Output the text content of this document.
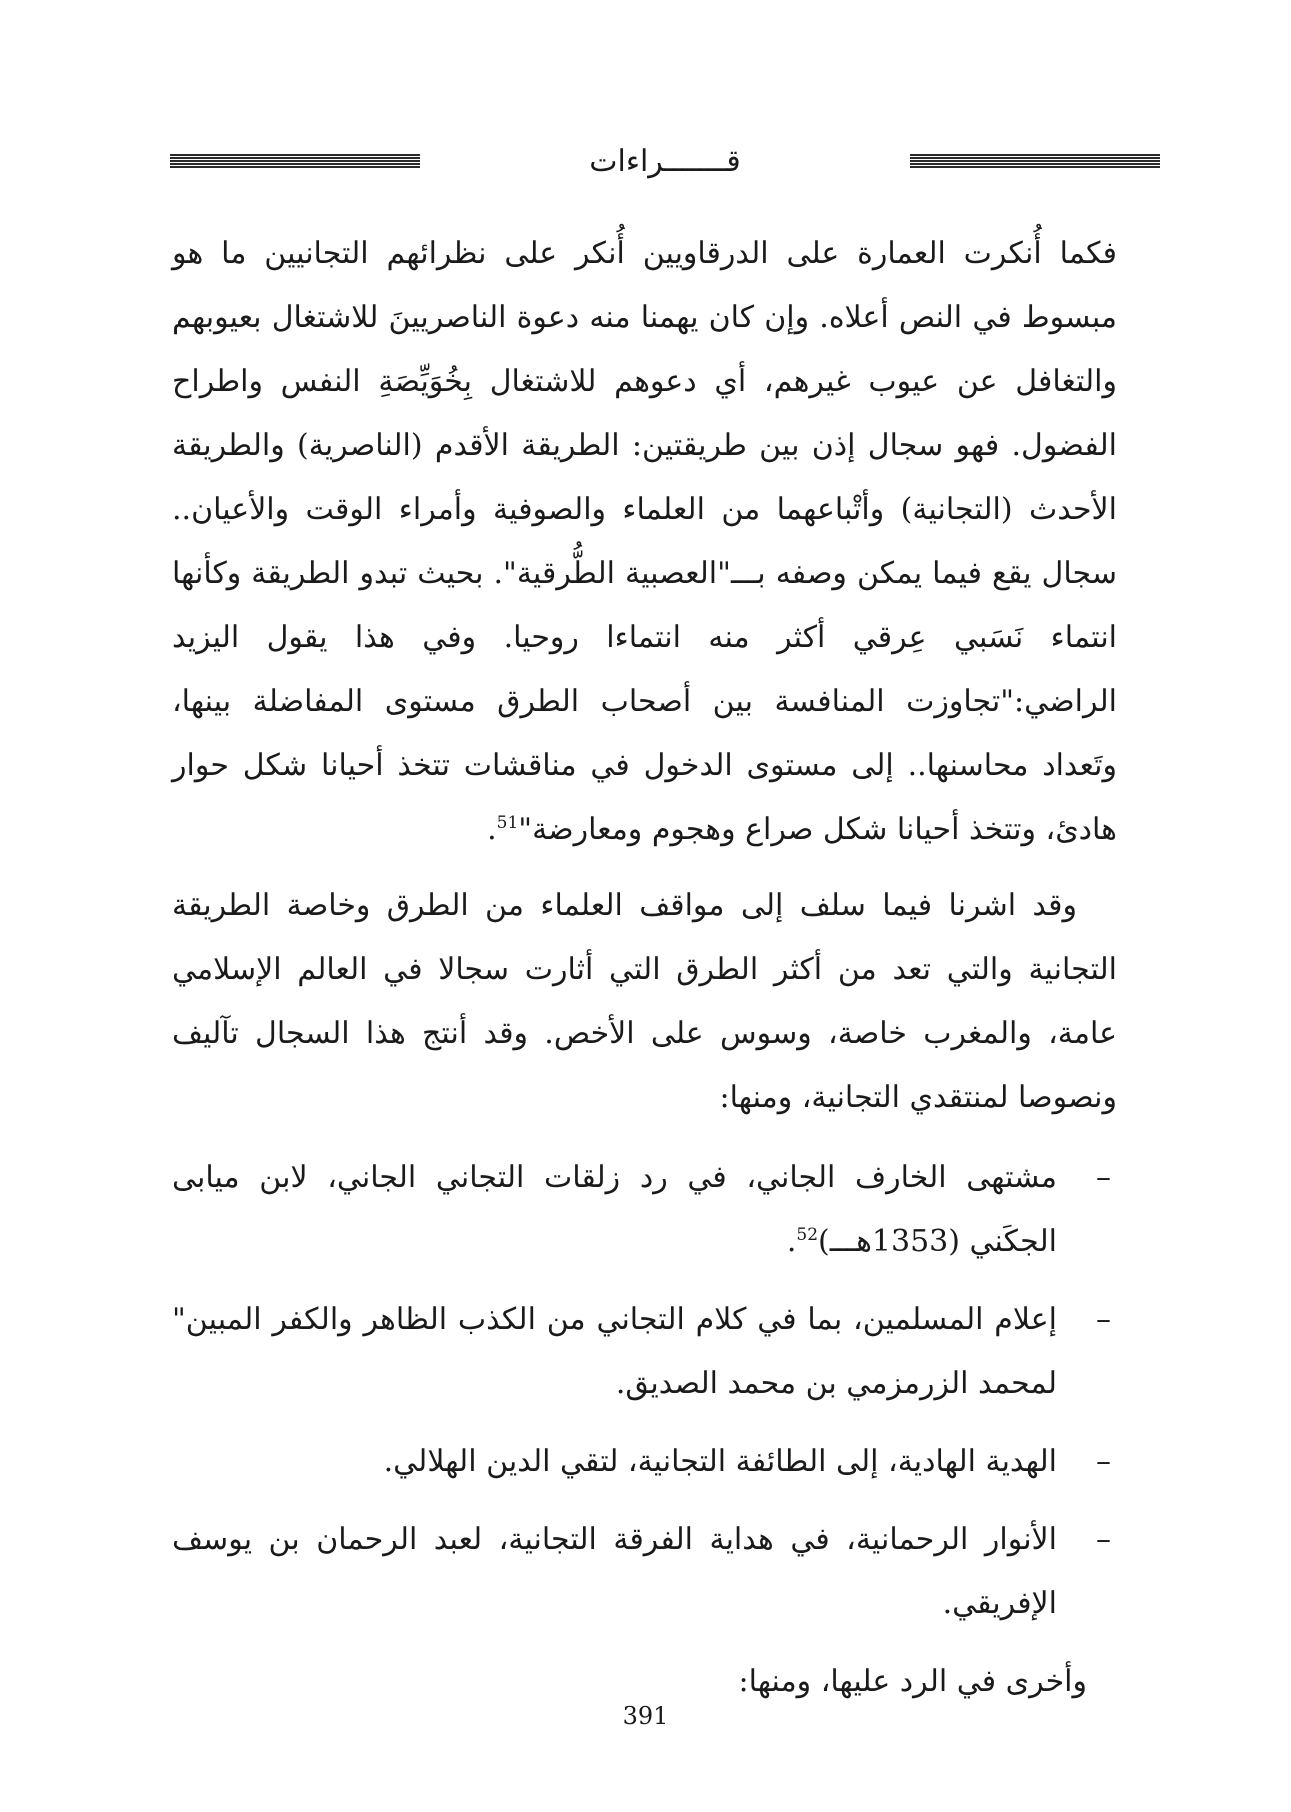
قـــــــراءات

فكما أُنكرت العمارة على الدرقاويين أُنكر على نظرائهم التجانيين ما هو مبسوط في النص أعلاه. وإن كان يهمنا منه دعوة الناصريينَ للاشتغال بعيوبهم والتغافل عن عيوب غيرهم، أي دعوهم للاشتغال بِخُوَيِّصَةِ النفس واطراح الفضول. فهو سجال إذن بين طريقتين: الطريقة الأقدم (الناصرية) والطريقة الأحدث (التجانية) وأتْباعهما من العلماء والصوفية وأمراء الوقت والأعيان.. سجال يقع فيما يمكن وصفه بـــ"العصبية الطُّرقية". بحيث تبدو الطريقة وكأنها انتماء نَسَبي عِرقي أكثر منه انتماءا روحيا. وفي هذا يقول اليزيد الراضي:"تجاوزت المنافسة بين أصحاب الطرق مستوى المفاضلة بينها، وتَعداد محاسنها.. إلى مستوى الدخول في مناقشات تتخذ أحيانا شكل حوار هادئ، وتتخذ أحيانا شكل صراع وهجوم ومعارضة"$^{51}$.

وقد اشرنا فيما سلف إلى مواقف العلماء من الطرق وخاصة الطريقة التجانية والتي تعد من أكثر الطرق التي أثارت سجالا في العالم الإسلامي عامة، والمغرب خاصة، وسوس على الأخص. وقد أنتج هذا السجال تآليف ونصوصا لمنتقدي التجانية، ومنها:

–
مشتهى الخارف الجاني، في رد زلقات التجاني الجاني، لابن ميابى الجكَني (1353هـــ)$^{52}$.
–
إعلام المسلمين، بما في كلام التجاني من الكذب الظاهر والكفر المبين" لمحمد الزرمزمي بن محمد الصديق.
–
الهدية الهادية، إلى الطائفة التجانية، لتقي الدين الهلالي.
–
الأنوار الرحمانية، في هداية الفرقة التجانية، لعبد الرحمان بن يوسف الإفريقي.

وأخرى في الرد عليها، ومنها:

391
